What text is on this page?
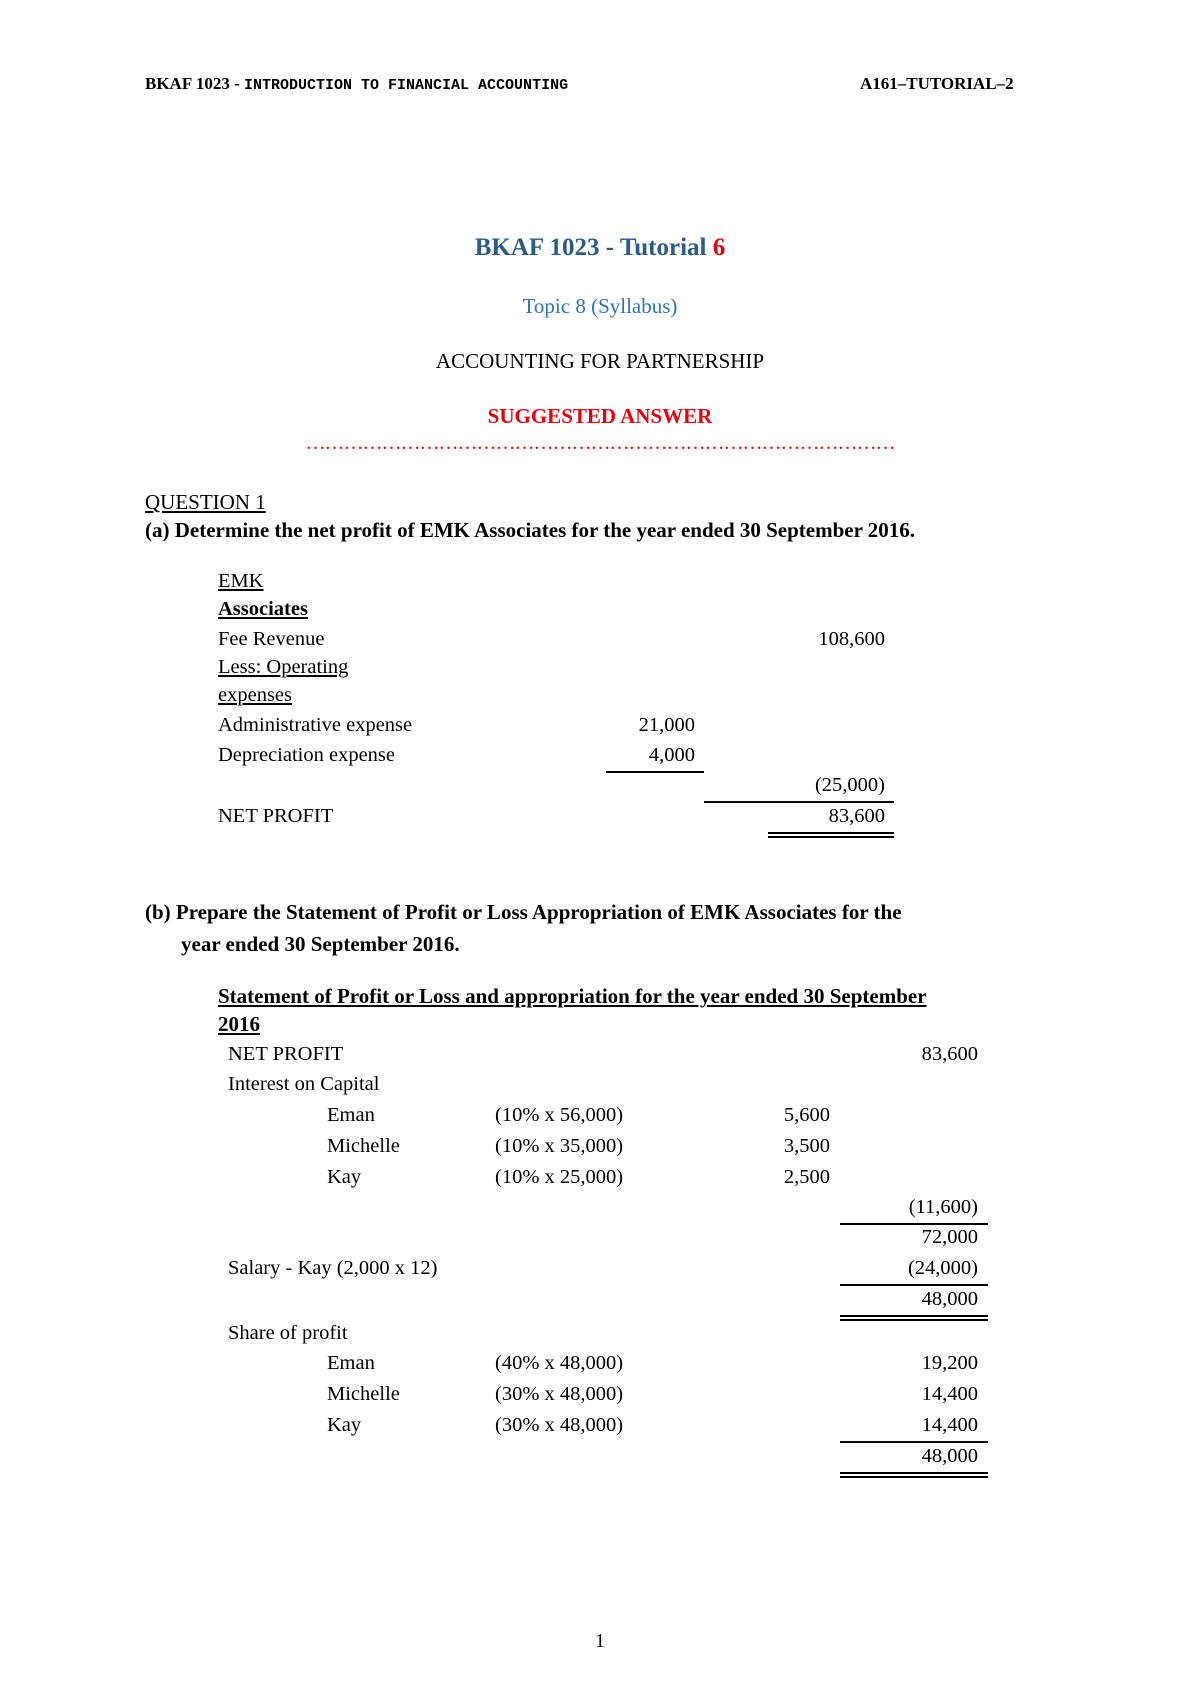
BKAF 1023 - INTRODUCTION TO FINANCIAL ACCOUNTING	A161–TUTORIAL–2
BKAF 1023 - Tutorial 6
Topic 8 (Syllabus)
ACCOUNTING FOR PARTNERSHIP
SUGGESTED ANSWER
…………………………………………………………………………………
QUESTION 1
(a) Determine the net profit of EMK Associates for the year ended 30 September 2016.
EMK
Associates
Fee Revenue	108,600
Less: Operating
expenses
Administrative expense	21,000
Depreciation expense	4,000
(25,000)
NET PROFIT	83,600
(b) Prepare the Statement of Profit or Loss Appropriation of EMK Associates for the
year ended 30 September 2016.
Statement of Profit or Loss and appropriation for the year ended 30 September
2016
NET PROFIT	83,600
Interest on Capital
Eman	(10% x 56,000)	5,600
Michelle	(10% x 35,000)	3,500
Kay	(10% x 25,000)	2,500
(11,600)
72,000
Salary - Kay (2,000 x 12)	(24,000)
48,000
Share of profit
Eman	(40% x 48,000)	19,200
Michelle	(30% x 48,000)	14,400
Kay	(30% x 48,000)	14,400
48,000
1
